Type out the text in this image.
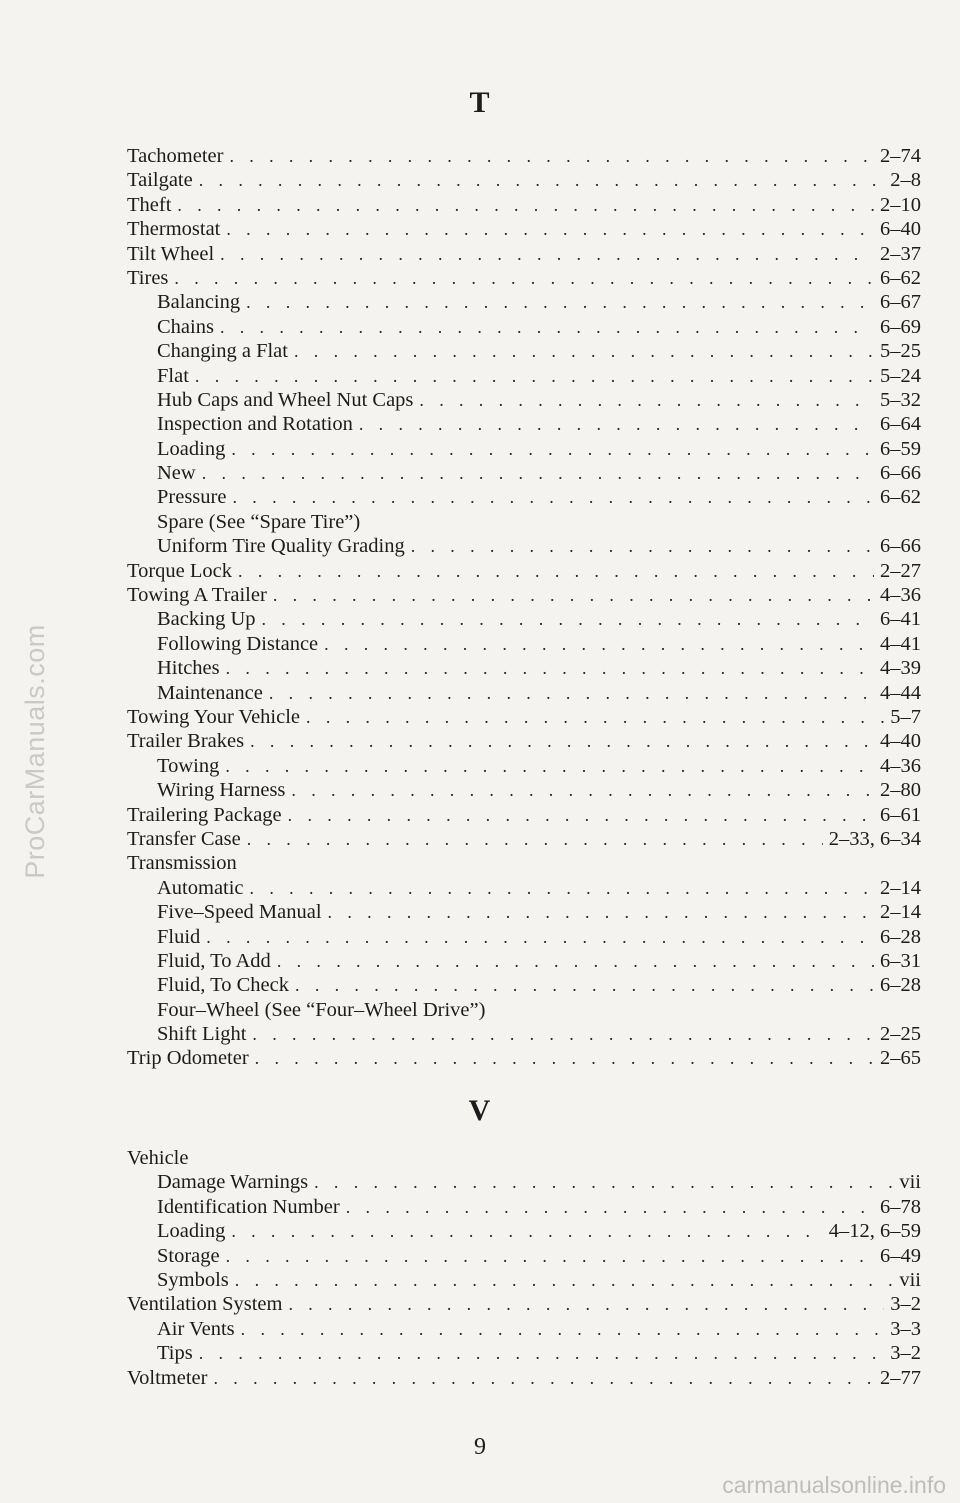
T
Tachometer . . .	2–74
Tailgate . . .	2–8
Theft . . .	2–10
Thermostat . . .	6–40
Tilt Wheel . . .	2–37
Tires . . .	6–62
Balancing . . .	6–67
Chains . . .	6–69
Changing a Flat . . .	5–25
Flat . . .	5–24
Hub Caps and Wheel Nut Caps . . .	5–32
Inspection and Rotation . . .	6–64
Loading . . .	6–59
New . . .	6–66
Pressure . . .	6–62
Spare (See “Spare Tire”)
Uniform Tire Quality Grading . . .	6–66
Torque Lock . . .	2–27
Towing A Trailer . . .	4–36
Backing Up . . .	6–41
Following Distance . . .	4–41
Hitches . . .	4–39
Maintenance . . .	4–44
Towing Your Vehicle . . .	5–7
Trailer Brakes . . .	4–40
Towing . . .	4–36
Wiring Harness . . .	2–80
Trailering Package . . .	6–61
Transfer Case . . .	2–33, 6–34
Transmission
Automatic . . .	2–14
Five–Speed Manual . . .	2–14
Fluid . . .	6–28
Fluid, To Add . . .	6–31
Fluid, To Check . . .	6–28
Four–Wheel (See “Four–Wheel Drive”)
Shift Light . . .	2–25
Trip Odometer . . .	2–65
V
Vehicle
Damage Warnings . . .	vii
Identification Number . . .	6–78
Loading . . .	4–12, 6–59
Storage . . .	6–49
Symbols . . .	vii
Ventilation System . . .	3–2
Air Vents . . .	3–3
Tips . . .	3–2
Voltmeter . . .	2–77
9
ProCarManuals.com
carmanualsonline.info
